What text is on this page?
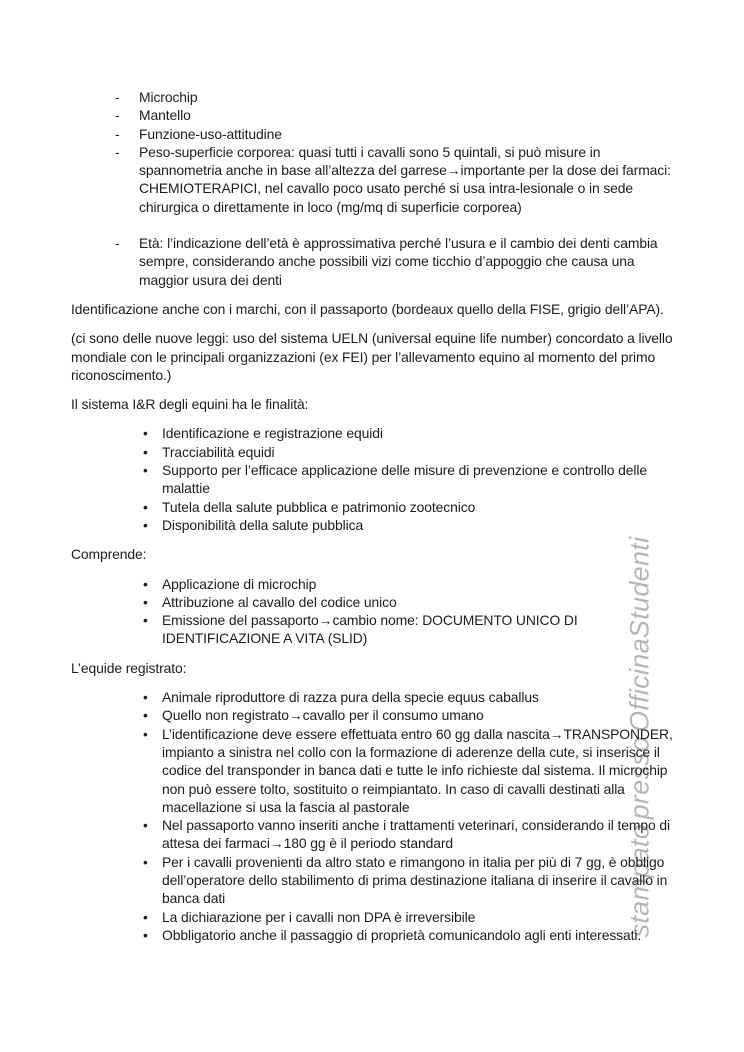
stampato presso OfficinaStudenti
-	Microchip
-	Mantello
-	Funzione-uso-attitudine
-	Peso-superficie corporea: quasi tutti i cavalli sono 5 quintali, si può misure in spannometria anche in base all’altezza del garrese→importante per la dose dei farmaci: CHEMIOTERAPICI, nel cavallo poco usato perché si usa intra-lesionale o in sede chirurgica o direttamente in loco (mg/mq di superficie corporea)
-	Età: l’indicazione dell’età è approssimativa perché l’usura e il cambio dei denti cambia sempre, considerando anche possibili vizi come ticchio d’appoggio che causa una maggior usura dei denti

Identificazione anche con i marchi, con il passaporto (bordeaux quello della FISE, grigio dell’APA).

(ci sono delle nuove leggi: uso del sistema UELN (universal equine life number) concordato a livello mondiale con le principali organizzazioni (ex FEI) per l’allevamento equino al momento del primo riconoscimento.)

Il sistema I&R degli equini ha le finalità:

•	Identificazione e registrazione equidi
•	Tracciabilità equidi
•	Supporto per l’efficace applicazione delle misure di prevenzione e controllo delle malattie
•	Tutela della salute pubblica e patrimonio zootecnico
•	Disponibilità della salute pubblica

Comprende:

•	Applicazione di microchip
•	Attribuzione al cavallo del codice unico
•	Emissione del passaporto→cambio nome: DOCUMENTO UNICO DI IDENTIFICAZIONE A VITA (SLID)

L’equide registrato:

•	Animale riproduttore di razza pura della specie equus caballus
•	Quello non registrato→cavallo per il consumo umano
•	L’identificazione deve essere effettuata entro 60 gg dalla nascita→TRANSPONDER, impianto a sinistra nel collo con la formazione di aderenze della cute, si inserisce il codice del transponder in banca dati e tutte le info richieste dal sistema. Il microchip non può essere tolto, sostituito o reimpiantato. In caso di cavalli destinati alla macellazione si usa la fascia al pastorale
•	Nel passaporto vanno inseriti anche i trattamenti veterinari, considerando il tempo di attesa dei farmaci→180 gg è il periodo standard
•	Per i cavalli provenienti da altro stato e rimangono in italia per più di 7 gg, è obbligo dell’operatore dello stabilimento di prima destinazione italiana di inserire il cavallo in banca dati
•	La dichiarazione per i cavalli non DPA è irreversibile
•	Obbligatorio anche il passaggio di proprietà comunicandolo agli enti interessati.
